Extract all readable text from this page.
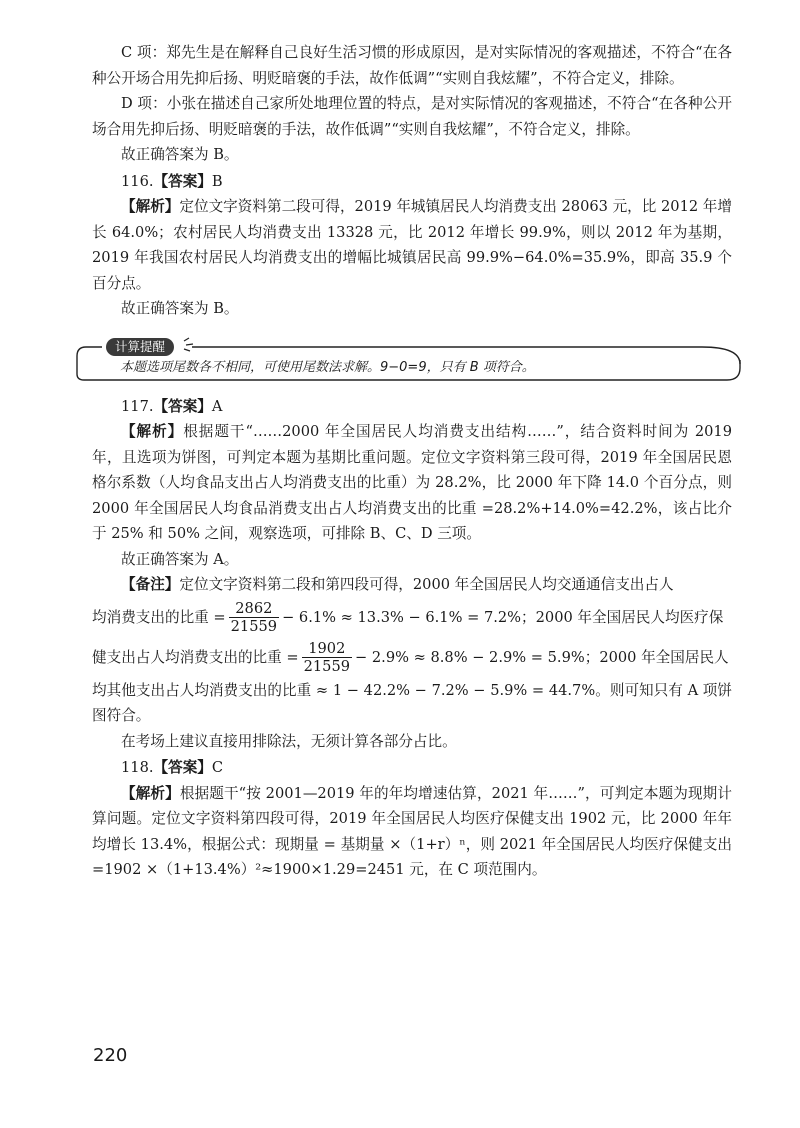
C 项：郑先生是在解释自己良好生活习惯的形成原因，是对实际情况的客观描述，不符合“在各种公开场合用先抑后扬、明贬暗褒的手法，故作低调”“实则自我炫耀”，不符合定义，排除。

D 项：小张在描述自己家所处地理位置的特点，是对实际情况的客观描述，不符合“在各种公开场合用先抑后扬、明贬暗褒的手法，故作低调”“实则自我炫耀”，不符合定义，排除。

故正确答案为 B。

116.【答案】B

【解析】定位文字资料第二段可得，2019 年城镇居民人均消费支出 28063 元，比 2012 年增长 64.0%；农村居民人均消费支出 13328 元，比 2012 年增长 99.9%，则以 2012 年为基期，2019 年我国农村居民人均消费支出的增幅比城镇居民高 99.9%−64.0%=35.9%，即高 35.9 个百分点。

故正确答案为 B。

计算提醒
本题选项尾数各不相同，可使用尾数法求解。9−0=9，只有 B 项符合。

117.【答案】A

【解析】根据题干“……2000 年全国居民人均消费支出结构……”，结合资料时间为 2019 年，且选项为饼图，可判定本题为基期比重问题。定位文字资料第三段可得，2019 年全国居民恩格尔系数（人均食品支出占人均消费支出的比重）为 28.2%，比 2000 年下降 14.0 个百分点，则 2000 年全国居民人均食品消费支出占人均消费支出的比重 =28.2%+14.0%=42.2%，该占比介于 25% 和 50% 之间，观察选项，可排除 B、C、D 三项。

故正确答案为 A。

【备注】定位文字资料第二段和第四段可得，2000 年全国居民人均交通通信支出占人

均消费支出的比重 = $\frac{2862}{21559} - 6.1\% \approx 13.3\% - 6.1\% = 7.2\%$；2000 年全国居民人均医疗保

健支出占人均消费支出的比重 = $\frac{1902}{21559} - 2.9\% \approx 8.8\% - 2.9\% = 5.9\%$；2000 年全国居民人

均其他支出占人均消费支出的比重 ≈ 1 − 42.2% − 7.2% − 5.9% = 44.7%。则可知只有 A 项饼图符合。

在考场上建议直接用排除法，无须计算各部分占比。

118.【答案】C

【解析】根据题干“按 2001—2019 年的年均增速估算，2021 年……”，可判定本题为现期计算问题。定位文字资料第四段可得，2019 年全国居民人均医疗保健支出 1902 元，比 2000 年年均增长 13.4%，根据公式：现期量 = 基期量 ×（1+r）ⁿ，则 2021 年全国居民人均医疗保健支出 =1902 ×（1+13.4%）²≈1900×1.29=2451 元，在 C 项范围内。

220
